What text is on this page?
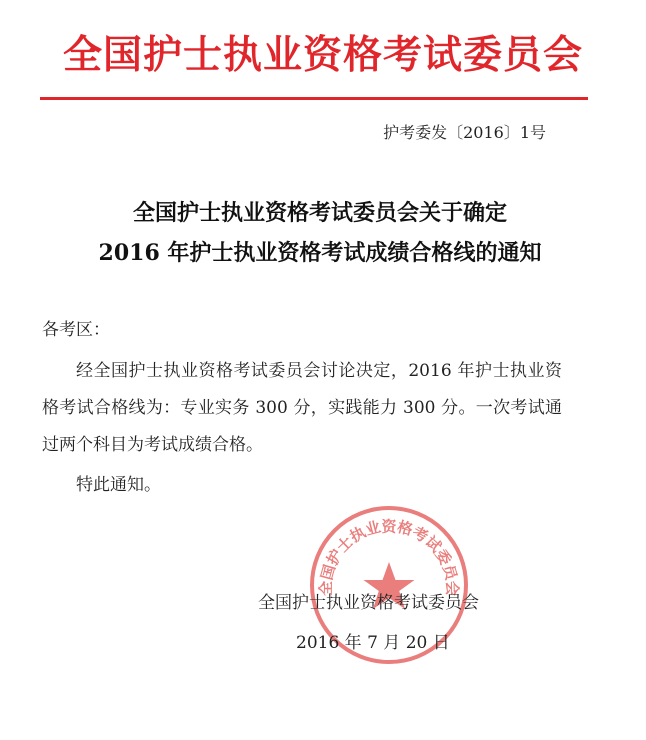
全国护士执业资格考试委员会
护考委发〔2016〕1号
全国护士执业资格考试委员会关于确定
2016 年护士执业资格考试成绩合格线的通知
各考区：
经全国护士执业资格考试委员会讨论决定，2016 年护士执业资格考试合格线为：专业实务 300 分，实践能力 300 分。一次考试通过两个科目为考试成绩合格。
特此通知。
全国护士执业资格考试委员会
全国护士执业资格考试委员会
2016 年 7 月 20 日
